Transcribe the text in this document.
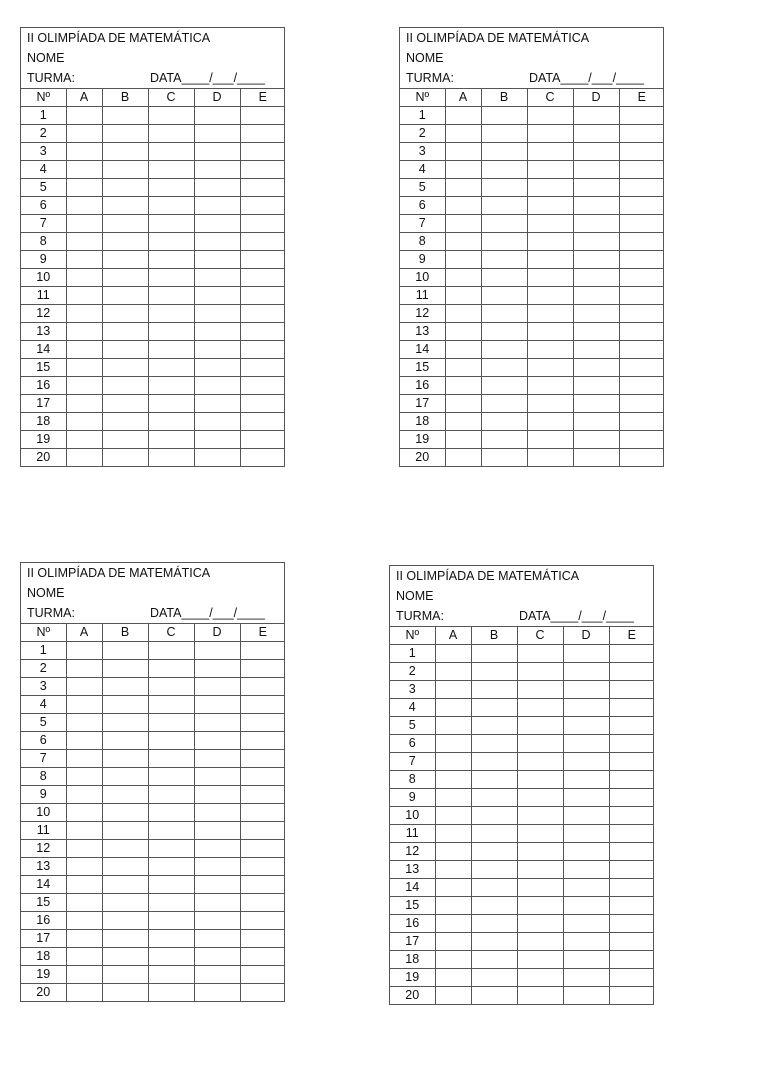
II OLIMPÍADA DE MATEMÁTICA
NOME
TURMA:	DATA____/___/____
Nº	A	B	C	D	E
1					
2					
3					
4					
5					
6					
7					
8					
9					
10					
11					
12					
13					
14					
15					
16					
17					
18					
19					
20					
II OLIMPÍADA DE MATEMÁTICA
NOME
TURMA:	DATA____/___/____
Nº	A	B	C	D	E
1					
2					
3					
4					
5					
6					
7					
8					
9					
10					
11					
12					
13					
14					
15					
16					
17					
18					
19					
20					
II OLIMPÍADA DE MATEMÁTICA
NOME
TURMA:	DATA____/___/____
Nº	A	B	C	D	E
1					
2					
3					
4					
5					
6					
7					
8					
9					
10					
11					
12					
13					
14					
15					
16					
17					
18					
19					
20					
II OLIMPÍADA DE MATEMÁTICA
NOME
TURMA:	DATA____/___/____
Nº	A	B	C	D	E
1					
2					
3					
4					
5					
6					
7					
8					
9					
10					
11					
12					
13					
14					
15					
16					
17					
18					
19					
20					
